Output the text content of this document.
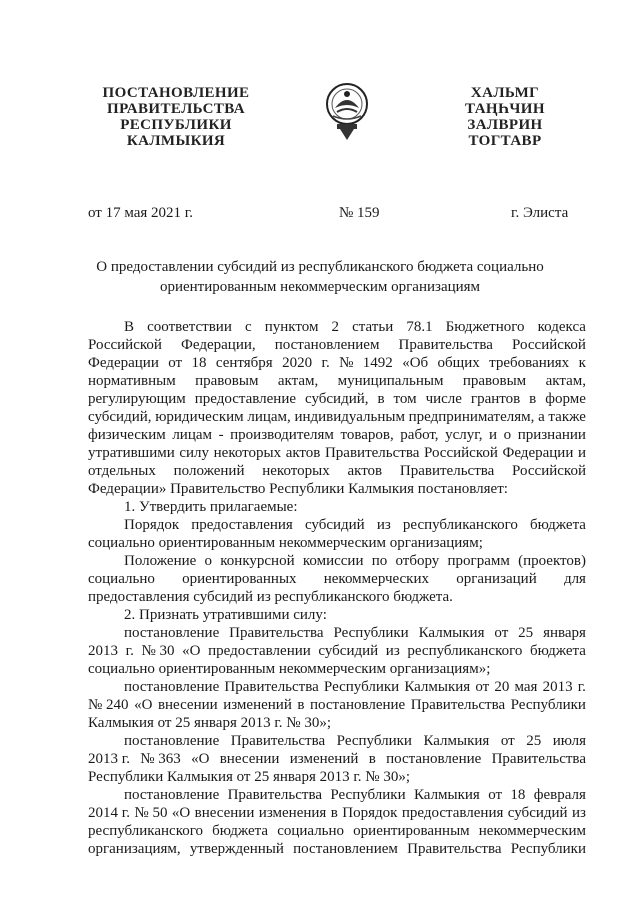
ПОСТАНОВЛЕНИЕ
ПРАВИТЕЛЬСТВА
РЕСПУБЛИКИ
КАЛМЫКИЯ
ХАЛЬМГ
ТАҢҺЧИН
ЗАЛВРИН
ТОГТАВР
от 17 мая 2021 г.	№ 159	г. Элиста
О предоставлении субсидий из республиканского бюджета социально
ориентированным некоммерческим организациям
В соответствии с пунктом 2 статьи 78.1 Бюджетного кодекса
Российской Федерации, постановлением Правительства Российской
Федерации от 18 сентября 2020 г. № 1492 «Об общих требованиях к
нормативным правовым актам, муниципальным правовым актам,
регулирующим предоставление субсидий, в том числе грантов в форме
субсидий, юридическим лицам, индивидуальным предпринимателям, а также
физическим лицам - производителям товаров, работ, услуг, и о признании
утратившими силу некоторых актов Правительства Российской Федерации и
отдельных положений некоторых актов Правительства Российской
Федерации» Правительство Республики Калмыкия постановляет:
1. Утвердить прилагаемые:
Порядок предоставления субсидий из республиканского бюджета
социально ориентированным некоммерческим организациям;
Положение о конкурсной комиссии по отбору программ (проектов)
социально ориентированных некоммерческих организаций для
предоставления субсидий из республиканского бюджета.
2. Признать утратившими силу:
постановление Правительства Республики Калмыкия от 25 января
2013 г. № 30 «О предоставлении субсидий из республиканского бюджета
социально ориентированным некоммерческим организациям»;
постановление Правительства Республики Калмыкия от 20 мая 2013 г.
№ 240 «О внесении изменений в постановление Правительства Республики
Калмыкия от 25 января 2013 г. № 30»;
постановление Правительства Республики Калмыкия от 25 июля
2013 г. № 363 «О внесении изменений в постановление Правительства
Республики Калмыкия от 25 января 2013 г. № 30»;
постановление Правительства Республики Калмыкия от 18 февраля
2014 г. № 50 «О внесении изменения в Порядок предоставления субсидий из
республиканского бюджета социально ориентированным некоммерческим
организациям, утвержденный постановлением Правительства Республики
